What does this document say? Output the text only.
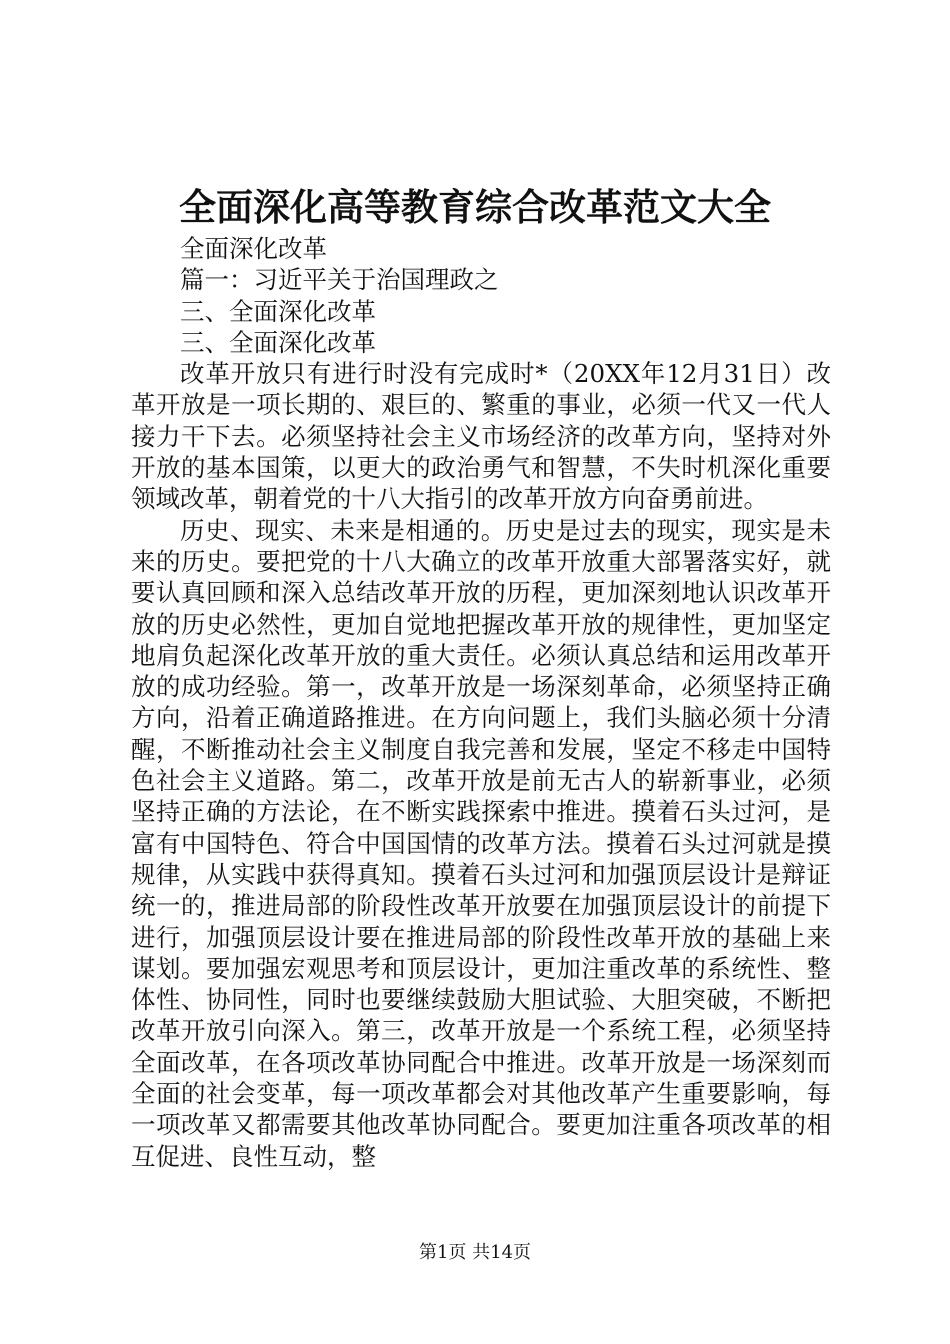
全面深化高等教育综合改革范文大全

全面深化改革

篇一：习近平关于治国理政之

三、全面深化改革

三、全面深化改革

改革开放只有进行时没有完成时*（20XX年12月31日）改革开放是一项长期的、艰巨的、繁重的事业，必须一代又一代人接力干下去。必须坚持社会主义市场经济的改革方向，坚持对外开放的基本国策，以更大的政治勇气和智慧，不失时机深化重要领域改革，朝着党的十八大指引的改革开放方向奋勇前进。

历史、现实、未来是相通的。历史是过去的现实，现实是未来的历史。要把党的十八大确立的改革开放重大部署落实好，就要认真回顾和深入总结改革开放的历程，更加深刻地认识改革开放的历史必然性，更加自觉地把握改革开放的规律性，更加坚定地肩负起深化改革开放的重大责任。必须认真总结和运用改革开放的成功经验。第一，改革开放是一场深刻革命，必须坚持正确方向，沿着正确道路推进。在方向问题上，我们头脑必须十分清醒，不断推动社会主义制度自我完善和发展，坚定不移走中国特色社会主义道路。第二，改革开放是前无古人的崭新事业，必须坚持正确的方法论，在不断实践探索中推进。摸着石头过河，是富有中国特色、符合中国国情的改革方法。摸着石头过河就是摸规律，从实践中获得真知。摸着石头过河和加强顶层设计是辩证统一的，推进局部的阶段性改革开放要在加强顶层设计的前提下进行，加强顶层设计要在推进局部的阶段性改革开放的基础上来谋划。要加强宏观思考和顶层设计，更加注重改革的系统性、整体性、协同性，同时也要继续鼓励大胆试验、大胆突破，不断把改革开放引向深入。第三，改革开放是一个系统工程，必须坚持全面改革，在各项改革协同配合中推进。改革开放是一场深刻而全面的社会变革，每一项改革都会对其他改革产生重要影响，每一项改革又都需要其他改革协同配合。要更加注重各项改革的相互促进、良性互动，整

第1页 共14页
